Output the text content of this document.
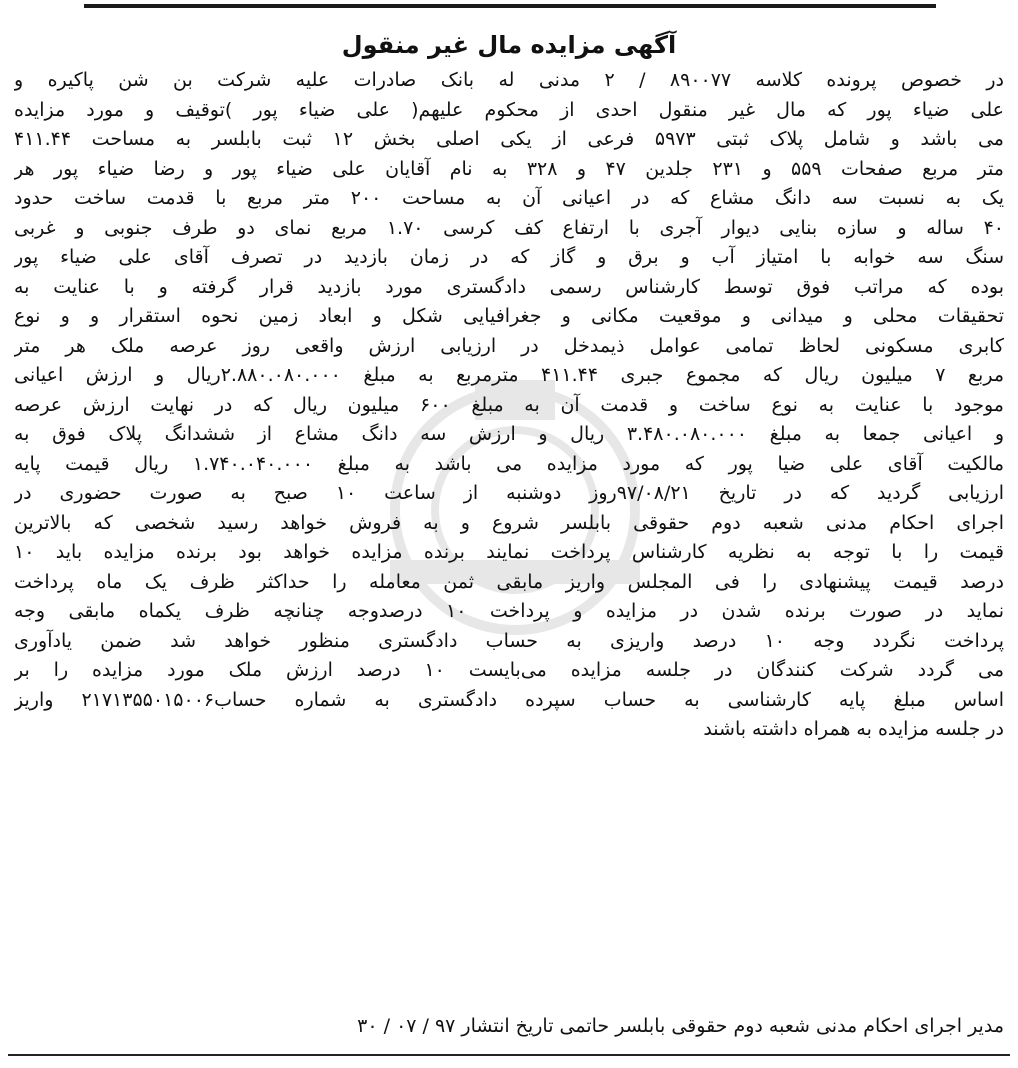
آگهی مزایده مال غیر منقول
در خصوص پرونده کلاسه ۸۹۰۰۷۷ / ۲ مدنی له بانک صادرات علیه شرکت بن شن پاکیره و
علی ضیاء پور که مال غیر منقول احدی از محکوم علیهم( علی ضیاء پور )توقیف و مورد مزایده
می باشد و شامل پلاک ثبتی ۵۹۷۳ فرعی از یکی اصلی بخش ۱۲ ثبت بابلسر به مساحت ۴۱۱.۴۴
متر مربع صفحات ۵۵۹ و ۲۳۱ جلدین ۴۷ و ۳۲۸ به نام آقایان علی ضیاء پور و رضا ضیاء پور هر
یک به نسبت سه دانگ مشاع که در اعیانی آن به مساحت ۲۰۰ متر مربع با قدمت ساخت حدود
۴۰ ساله و سازه بنایی دیوار آجری با ارتفاع کف کرسی ۱.۷۰ مربع نمای دو طرف جنوبی و غربی
سنگ سه خوابه با امتیاز آب و برق و گاز که در زمان بازدید در تصرف آقای علی ضیاء پور
بوده که مراتب فوق توسط کارشناس رسمی دادگستری مورد بازدید قرار گرفته و با عنایت به
تحقیقات محلی و میدانی و موقعیت مکانی و جغرافیایی شکل و ابعاد زمین نحوه استقرار و و نوع
کابری مسکونی لحاظ تمامی عوامل ذیمدخل در ارزیابی ارزش واقعی روز عرصه ملک هر متر
مربع ۷ میلیون ریال که مجموع جبری ۴۱۱.۴۴ مترمربع به مبلغ ۲.۸۸۰.۰۸۰.۰۰۰ریال و ارزش اعیانی
موجود با عنایت به نوع ساخت و قدمت آن به مبلغ ۶۰۰ میلیون ریال که در نهایت ارزش عرصه
و اعیانی جمعا به مبلغ ۳.۴۸۰.۰۸۰.۰۰۰ ریال و ارزش سه دانگ مشاع از ششدانگ پلاک فوق به
مالکیت آقای علی ضیا پور که مورد مزایده می باشد به مبلغ ۱.۷۴۰.۰۴۰.۰۰۰ ریال قیمت پایه
ارزیابی گردید که در تاریخ ۹۷/۰۸/۲۱روز دوشنبه از ساعت ۱۰ صبح به صورت حضوری در
اجرای احکام مدنی شعبه دوم حقوقی بابلسر شروع و به فروش خواهد رسید شخصی که بالاترین
قیمت را با توجه به نظریه کارشناس پرداخت نمایند برنده مزایده خواهد بود برنده مزایده باید ۱۰
درصد قیمت پیشنهادی را فی المجلس واریز مابقی ثمن معامله را حداکثر ظرف یک ماه پرداخت
نماید در صورت برنده شدن در مزایده و پرداخت ۱۰ درصدوجه چنانچه ظرف یکماه مابقی وجه
پرداخت نگردد وجه ۱۰ درصد واریزی به حساب دادگستری منظور خواهد شد ضمن یادآوری
می گردد شرکت کنندگان در جلسه مزایده می‌بایست ۱۰ درصد ارزش ملک مورد مزایده را بر
اساس مبلغ پایه کارشناسی به حساب سپرده دادگستری به شماره حساب۲۱۷۱۳۵۵۰۱۵۰۰۶ واریز
در جلسه مزایده به همراه داشته باشند
مدیر اجرای احکام مدنی شعبه دوم حقوقی بابلسر حاتمی تاریخ انتشار ۹۷ / ۰۷ / ۳۰
